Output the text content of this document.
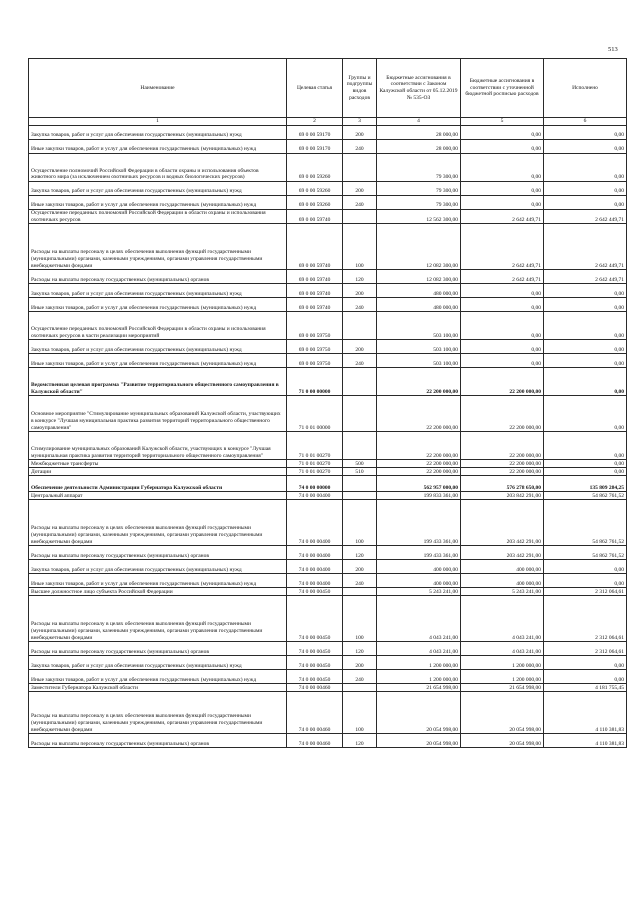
513
Наименование	Целевая статья	Группы и подгруппы видов расходов	Бюджетные ассигнования в соответствии с Законом Калужской области от 05.12.2019 № 535-ОЗ	Бюджетные ассигнования в соответствии с уточненной бюджетной росписью расходов	Исполнено
1	2	3	4	5	6
Закупка товаров, работ и услуг для обеспечения государственных (муниципальных) нужд	69 0 00 59170	200	28 000,00	0,00	0,00
Иные закупки товаров, работ и услуг для обеспечения государственных (муниципальных) нужд	69 0 00 59170	240	28 000,00	0,00	0,00
Осуществление полномочий Российской Федерации в области охраны и использования объектов животного мира (за исключением охотничьих ресурсов и водных биологических ресурсов)	69 0 00 59260		79 300,00	0,00	0,00
Закупка товаров, работ и услуг для обеспечения государственных (муниципальных) нужд	69 0 00 59260	200	79 300,00	0,00	0,00
Иные закупки товаров, работ и услуг для обеспечения государственных (муниципальных) нужд	69 0 00 59260	240	79 300,00	0,00	0,00
Осуществление переданных полномочий Российской Федерации в области охраны и использования охотничьих ресурсов	69 0 00 59740		12 562 300,00	2 642 449,71	2 642 449,71
Расходы на выплаты персоналу в целях обеспечения выполнения функций государственными (муниципальными) органами, казенными учреждениями, органами управления государственными внебюджетными фондами	69 0 00 59740	100	12 082 300,00	2 642 449,71	2 642 449,71
Расходы на выплаты персоналу государственных (муниципальных) органов	69 0 00 59740	120	12 082 300,00	2 642 449,71	2 642 449,71
Закупка товаров, работ и услуг для обеспечения государственных (муниципальных) нужд	69 0 00 59740	200	480 000,00	0,00	0,00
Иные закупки товаров, работ и услуг для обеспечения государственных (муниципальных) нужд	69 0 00 59740	240	480 000,00	0,00	0,00
Осуществление переданных полномочий Российской Федерации в области охраны и использования охотничьих ресурсов в части реализации мероприятий	69 0 00 59750		503 100,00	0,00	0,00
Закупка товаров, работ и услуг для обеспечения государственных (муниципальных) нужд	69 0 00 59750	200	503 100,00	0,00	0,00
Иные закупки товаров, работ и услуг для обеспечения государственных (муниципальных) нужд	69 0 00 59750	240	503 100,00	0,00	0,00
Ведомственная целевая программа "Развитие территориального общественного самоуправления в Калужской области"	71 0 00 00000		22 200 000,00	22 200 000,00	0,00
Основное мероприятие "Стимулирование муниципальных образований Калужской области, участвующих в конкурсе "Лучшая муниципальная практика развития территорий территориального общественного самоуправления"	71 0 01 00000		22 200 000,00	22 200 000,00	0,00
Стимулирование муниципальных образований Калужской области, участвующих в конкурсе "Лучшая муниципальная практика развития территорий территориального общественного самоуправления"	71 0 01 00270		22 200 000,00	22 200 000,00	0,00
Межбюджетные трансферты	71 0 01 00270	500	22 200 000,00	22 200 000,00	0,00
Дотации	71 0 01 00270	510	22 200 000,00	22 200 000,00	0,00
Обеспечение деятельности Администрации Губернатора Калужской области	74 0 00 00000		562 957 000,00	576 278 650,00	135 809 284,25
Центральный аппарат	74 0 00 00400		199 833 361,00	203 842 291,00	54 862 761,52
Расходы на выплаты персоналу в целях обеспечения выполнения функций государственными (муниципальными) органами, казенными учреждениями, органами управления государственными внебюджетными фондами	74 0 00 00400	100	199 433 361,00	203 442 291,00	54 862 761,52
Расходы на выплаты персоналу государственных (муниципальных) органов	74 0 00 00400	120	199 433 361,00	203 442 291,00	54 862 761,52
Закупка товаров, работ и услуг для обеспечения государственных (муниципальных) нужд	74 0 00 00400	200	400 000,00	400 000,00	0,00
Иные закупки товаров, работ и услуг для обеспечения государственных (муниципальных) нужд	74 0 00 00400	240	400 000,00	400 000,00	0,00
Высшее должностное лицо субъекта Российской Федерации	74 0 00 00450		5 243 241,00	5 243 241,00	2 312 064,61
Расходы на выплаты персоналу в целях обеспечения выполнения функций государственными (муниципальными) органами, казенными учреждениями, органами управления государственными внебюджетными фондами	74 0 00 00450	100	4 043 241,00	4 043 241,00	2 312 064,61
Расходы на выплаты персоналу государственных (муниципальных) органов	74 0 00 00450	120	4 043 241,00	4 043 241,00	2 312 064,61
Закупка товаров, работ и услуг для обеспечения государственных (муниципальных) нужд	74 0 00 00450	200	1 200 000,00	1 200 000,00	0,00
Иные закупки товаров, работ и услуг для обеспечения государственных (муниципальных) нужд	74 0 00 00450	240	1 200 000,00	1 200 000,00	0,00
Заместители Губернатора Калужской области	74 0 00 00460		21 654 998,00	21 654 998,00	4 181 755,45
Расходы на выплаты персоналу в целях обеспечения выполнения функций государственными (муниципальными) органами, казенными учреждениями, органами управления государственными внебюджетными фондами	74 0 00 00460	100	20 054 998,00	20 054 998,00	4 110 381,83
Расходы на выплаты персоналу государственных (муниципальных) органов	74 0 00 00460	120	20 054 998,00	20 054 998,00	4 110 381,83
